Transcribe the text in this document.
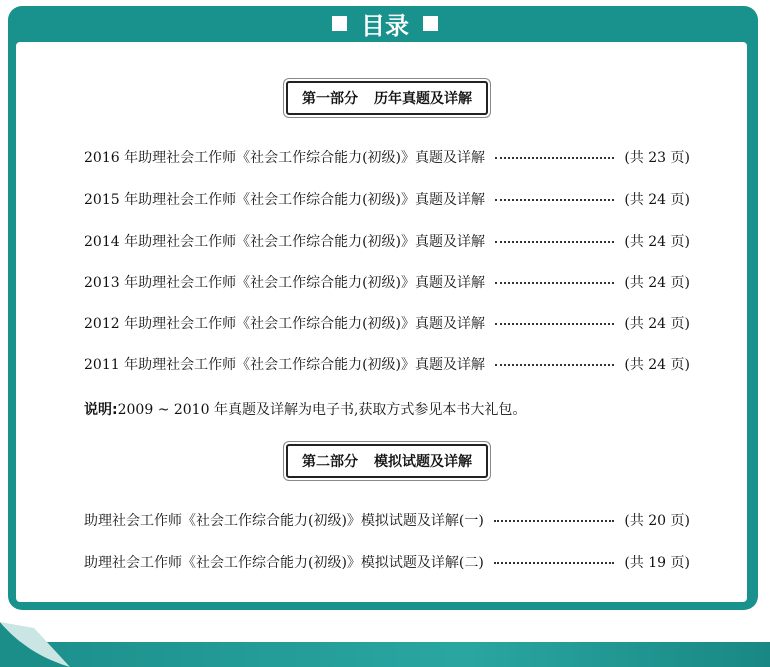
目录
第一部分 历年真题及详解
2016 年助理社会工作师《社会工作综合能力(初级)》真题及详解	(共 23 页)
2015 年助理社会工作师《社会工作综合能力(初级)》真题及详解	(共 24 页)
2014 年助理社会工作师《社会工作综合能力(初级)》真题及详解	(共 24 页)
2013 年助理社会工作师《社会工作综合能力(初级)》真题及详解	(共 24 页)
2012 年助理社会工作师《社会工作综合能力(初级)》真题及详解	(共 24 页)
2011 年助理社会工作师《社会工作综合能力(初级)》真题及详解	(共 24 页)
说明: 2009 ~ 2010 年真题及详解为电子书,获取方式参见本书大礼包。
第二部分 模拟试题及详解
助理社会工作师《社会工作综合能力(初级)》模拟试题及详解(一)	(共 20 页)
助理社会工作师《社会工作综合能力(初级)》模拟试题及详解(二)	(共 19 页)
